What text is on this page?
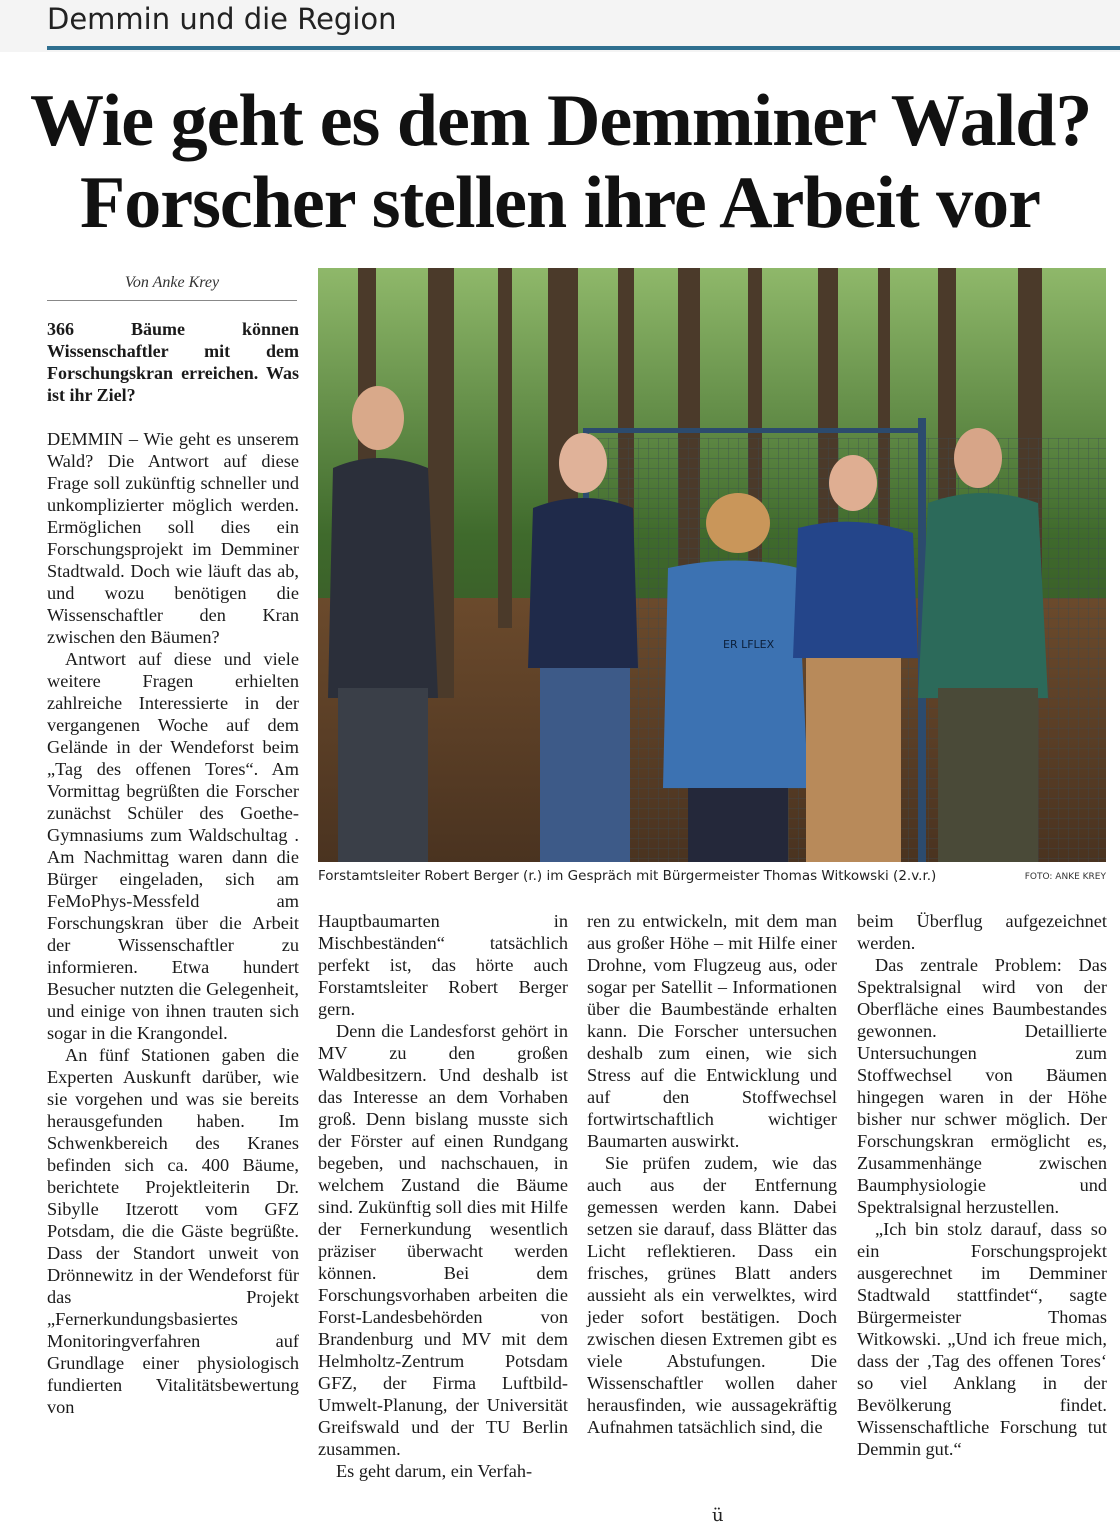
Demmin und die Region
Wie geht es dem Demminer Wald?
Forscher stellen ihre Arbeit vor
Von Anke Krey
366 Bäume können Wissenschaftler mit dem Forschungskran erreichen. Was ist ihr Ziel?

DEMMIN – Wie geht es unserem Wald? Die Antwort auf diese Frage soll zukünftig schneller und unkomplizierter möglich werden. Ermöglichen soll dies ein Forschungsprojekt im Demminer Stadtwald. Doch wie läuft das ab, und wozu benötigen die Wissenschaftler den Kran zwischen den Bäumen?

Antwort auf diese und viele weitere Fragen erhielten zahlreiche Interessierte in der vergangenen Woche auf dem Gelände in der Wendeforst beim „Tag des offenen Tores“. Am Vormittag begrüßten die Forscher zunächst Schüler des Goethe-Gymnasiums zum Waldschultag . Am Nachmittag waren dann die Bürger eingeladen, sich am FeMoPhys-Messfeld am Forschungskran über die Arbeit der Wissenschaftler zu informieren. Etwa hundert Besucher nutzten die Gelegenheit, und einige von ihnen trauten sich sogar in die Krangondel.

An fünf Stationen gaben die Experten Auskunft darüber, wie sie vorgehen und was sie bereits herausgefunden haben. Im Schwenkbereich des Kranes befinden sich ca. 400 Bäume, berichtete Projektleiterin Dr. Sibylle Itzerott vom GFZ Potsdam, die die Gäste begrüßte. Dass der Standort unweit von Drönnewitz in der Wendeforst für das Projekt „Fernerkundungsbasiertes Monitoringverfahren auf Grundlage einer physiologisch fundierten Vitalitätsbewertung von

ER LFLEX
Forstamtsleiter Robert Berger (r.) im Gespräch mit Bürgermeister Thomas Witkowski (2.v.r.)	FOTO: ANKE KREY

Hauptbaumarten in Mischbeständen“ tatsächlich perfekt ist, das hörte auch Forstamtsleiter Robert Berger gern.

Denn die Landesforst gehört in MV zu den großen Waldbesitzern. Und deshalb ist das Interesse an dem Vorhaben groß. Denn bislang musste sich der Förster auf einen Rundgang begeben, und nachschauen, in welchem Zustand die Bäume sind. Zukünftig soll dies mit Hilfe der Fernerkundung wesentlich präziser überwacht werden können. Bei dem Forschungsvorhaben arbeiten die Forst-Landesbehörden von Brandenburg und MV mit dem Helmholtz-Zentrum Potsdam GFZ, der Firma Luftbild-Umwelt-Planung, der Universität Greifswald und der TU Berlin zusammen.

Es geht darum, ein Verfah-

ren zu entwickeln, mit dem man aus großer Höhe – mit Hilfe einer Drohne, vom Flugzeug aus, oder sogar per Satellit – Informationen über die Baumbestände erhalten kann. Die Forscher untersuchen deshalb zum einen, wie sich Stress auf die Entwicklung und auf den Stoffwechsel fortwirtschaftlich wichtiger Baumarten auswirkt.

Sie prüfen zudem, wie das auch aus der Entfernung gemessen werden kann. Dabei setzen sie darauf, dass Blätter das Licht reflektieren. Dass ein frisches, grünes Blatt anders aussieht als ein verwelktes, wird jeder sofort bestätigen. Doch zwischen diesen Extremen gibt es viele Abstufungen. Die Wissenschaftler wollen daher herausfinden, wie aussagekräftig Aufnahmen tatsächlich sind, die

beim Überflug aufgezeichnet werden.

Das zentrale Problem: Das Spektralsignal wird von der Oberfläche eines Baumbestandes gewonnen. Detaillierte Untersuchungen zum Stoffwechsel von Bäumen hingegen waren in der Höhe bisher nur schwer möglich. Der Forschungskran ermöglicht es, Zusammenhänge zwischen Baumphysiologie und Spektralsignal herzustellen.

„Ich bin stolz darauf, dass so ein Forschungsprojekt ausgerechnet im Demminer Stadtwald stattfindet“, sagte Bürgermeister Thomas Witkowski. „Und ich freue mich, dass der ‚Tag des offenen Tores‘ so viel Anklang in der Bevölkerung findet. Wissenschaftliche Forschung tut Demmin gut.“

ü
